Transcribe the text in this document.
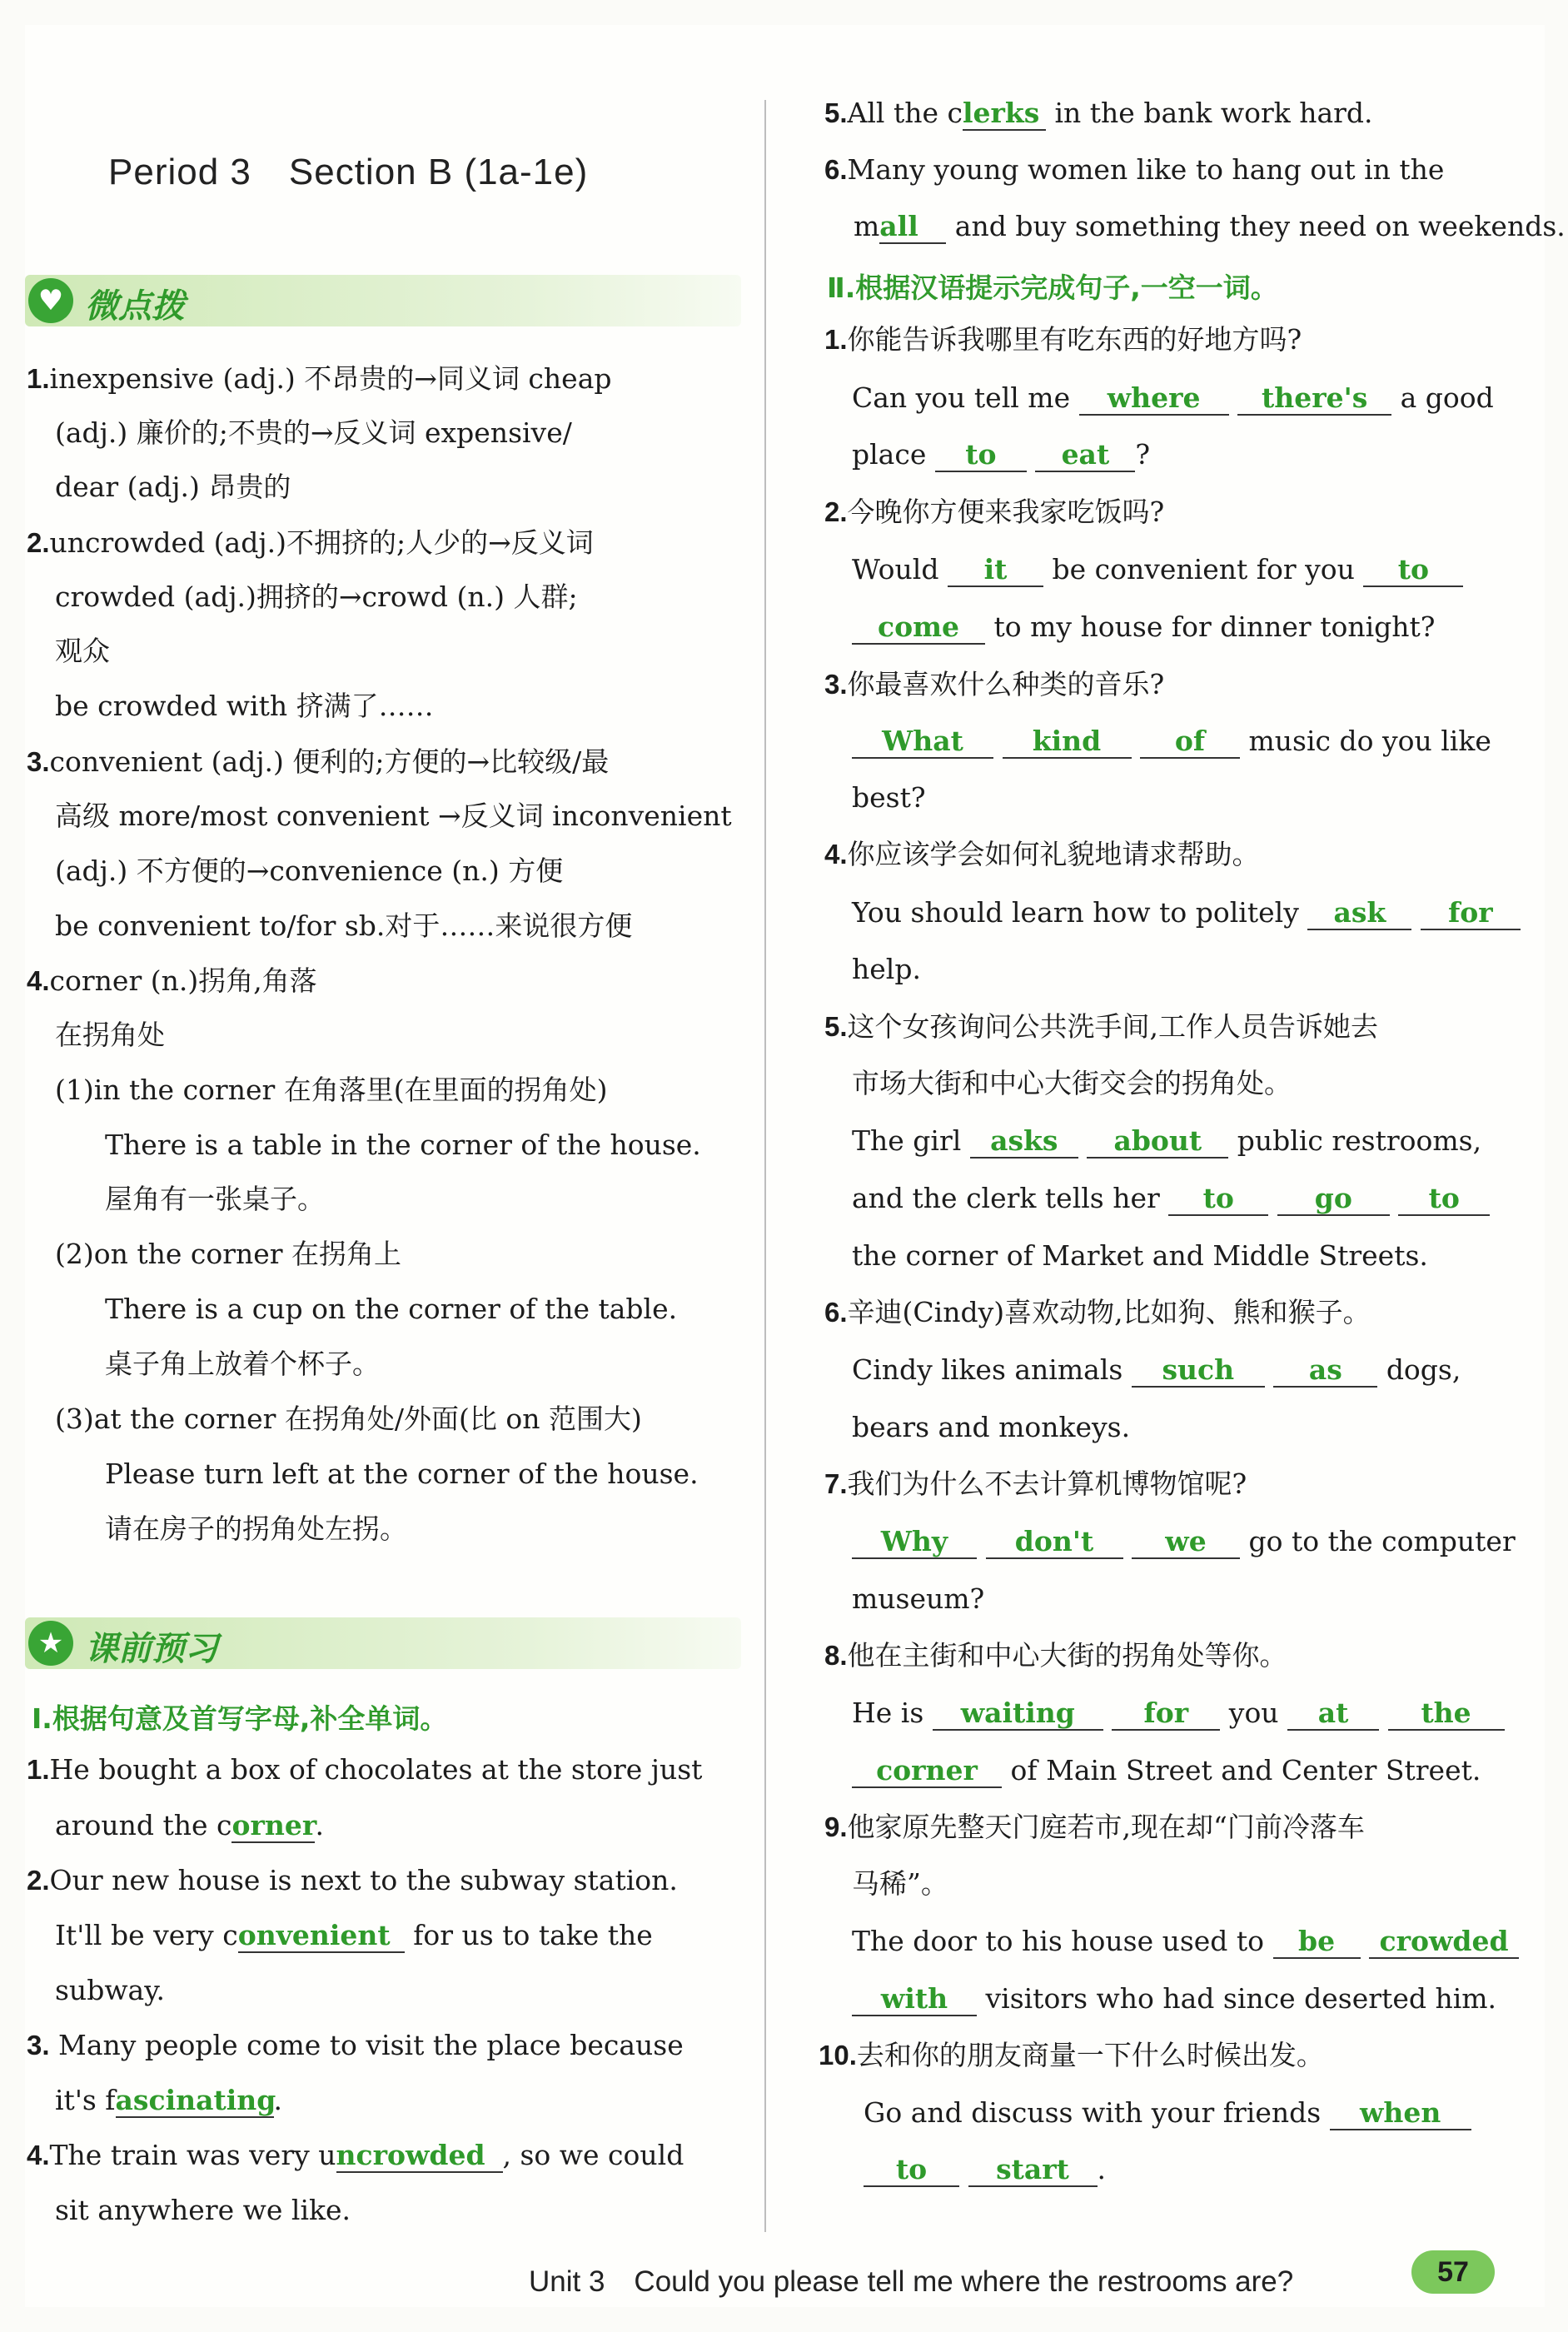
Period 3　Section B (1a-1e)
♥ 微点拨
1.inexpensive (adj.) 不昂贵的→同义词 cheap
(adj.) 廉价的;不贵的→反义词 expensive/
dear (adj.) 昂贵的
2.uncrowded (adj.)不拥挤的;人少的→反义词
crowded (adj.)拥挤的→crowd (n.) 人群;
观众
be crowded with 挤满了……
3.convenient (adj.) 便利的;方便的→比较级/最
高级 more/most convenient →反义词 inconvenient
(adj.) 不方便的→convenience (n.) 方便
be convenient to/for sb.对于……来说很方便
4.corner (n.)拐角,角落
在拐角处
(1)in the corner 在角落里(在里面的拐角处)
There is a table in the corner of the house.
屋角有一张桌子。
(2)on the corner 在拐角上
There is a cup on the corner of the table.
桌子角上放着个杯子。
(3)at the corner 在拐角处/外面(比 on 范围大)
Please turn left at the corner of the house.
请在房子的拐角处左拐。
★ 课前预习
Ⅰ.根据句意及首写字母,补全单词。
1.He bought a box of chocolates at the store just
around the corner.
2.Our new house is next to the subway station.
It'll be very convenient for us to take the
subway.
3. Many people come to visit the place because
it's fascinating.
4.The train was very uncrowded , so we could
sit anywhere we like.
5.All the clerks in the bank work hard.
6.Many young women like to hang out in the
mall and buy something they need on weekends.
Ⅱ.根据汉语提示完成句子,一空一词。
1.你能告诉我哪里有吃东西的好地方吗?
Can you tell me where there's a good
place to eat ?
2.今晚你方便来我家吃饭吗?
Would it be convenient for you to
come to my house for dinner tonight?
3.你最喜欢什么种类的音乐?
What	kind	of music do you like
best?
4.你应该学会如何礼貌地请求帮助。
You should learn how to politely ask for
help.
5.这个女孩询问公共洗手间,工作人员告诉她去
市场大街和中心大街交会的拐角处。
The girl asks about public restrooms,
and the clerk tells her to	go	to
the corner of Market and Middle Streets.
6.辛迪(Cindy)喜欢动物,比如狗、熊和猴子。
Cindy likes animals such	as dogs,
bears and monkeys.
7.我们为什么不去计算机博物馆呢?
Why don't	we go to the computer
museum?
8.他在主街和中心大街的拐角处等你。
He is waiting	for you at	the
corner of Main Street and Center Street.
9.他家原先整天门庭若市,现在却“门前冷落车
马稀”。
The door to his house used to be crowded
with visitors who had since deserted him.
10.去和你的朋友商量一下什么时候出发。
Go and discuss with your friends when
to	start .
Unit 3　Could you please tell me where the restrooms are?	57
